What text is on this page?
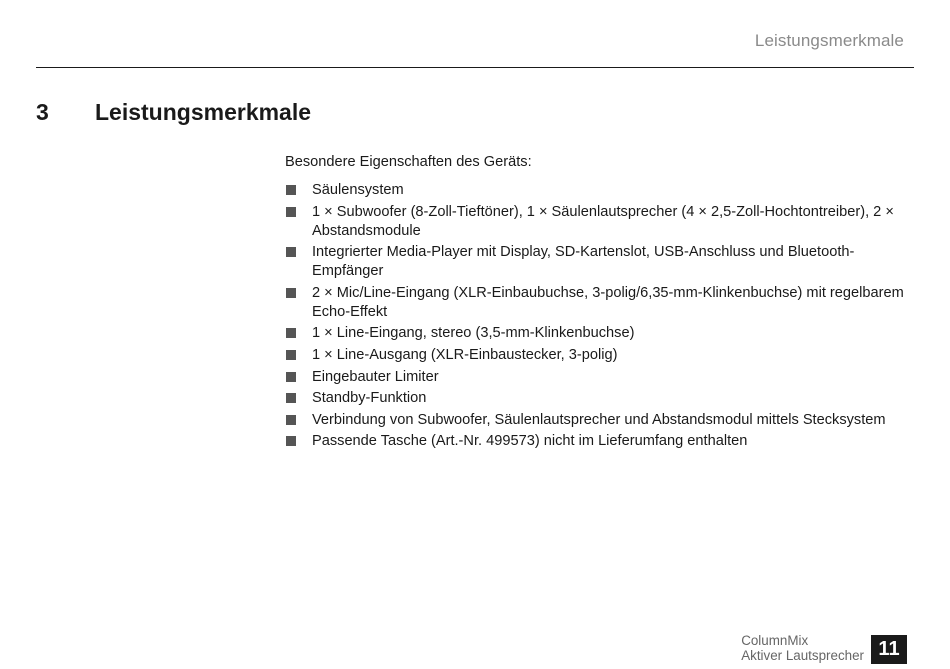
Leistungsmerkmale
3	Leistungsmerkmale

Besondere Eigenschaften des Geräts:

Säulensystem
1 × Subwoofer (8-Zoll-Tieftöner), 1 × Säulenlautsprecher (4 × 2,5-Zoll-Hochtontreiber), 2 × Abstandsmodule
Integrierter Media-Player mit Display, SD-Kartenslot, USB-Anschluss und Bluetooth-Empfänger
2 × Mic/Line-Eingang (XLR-Einbaubuchse, 3-polig/6,35-mm-Klinkenbuchse) mit regelbarem Echo-Effekt
1 × Line-Eingang, stereo (3,5-mm-Klinkenbuchse)
1 × Line-Ausgang (XLR-Einbaustecker, 3-polig)
Eingebauter Limiter
Standby-Funktion
Verbindung von Subwoofer, Säulenlautsprecher und Abstandsmodul mittels Stecksystem
Passende Tasche (Art.-Nr. 499573) nicht im Lieferumfang enthalten
ColumnMix
Aktiver Lautsprecher 11
